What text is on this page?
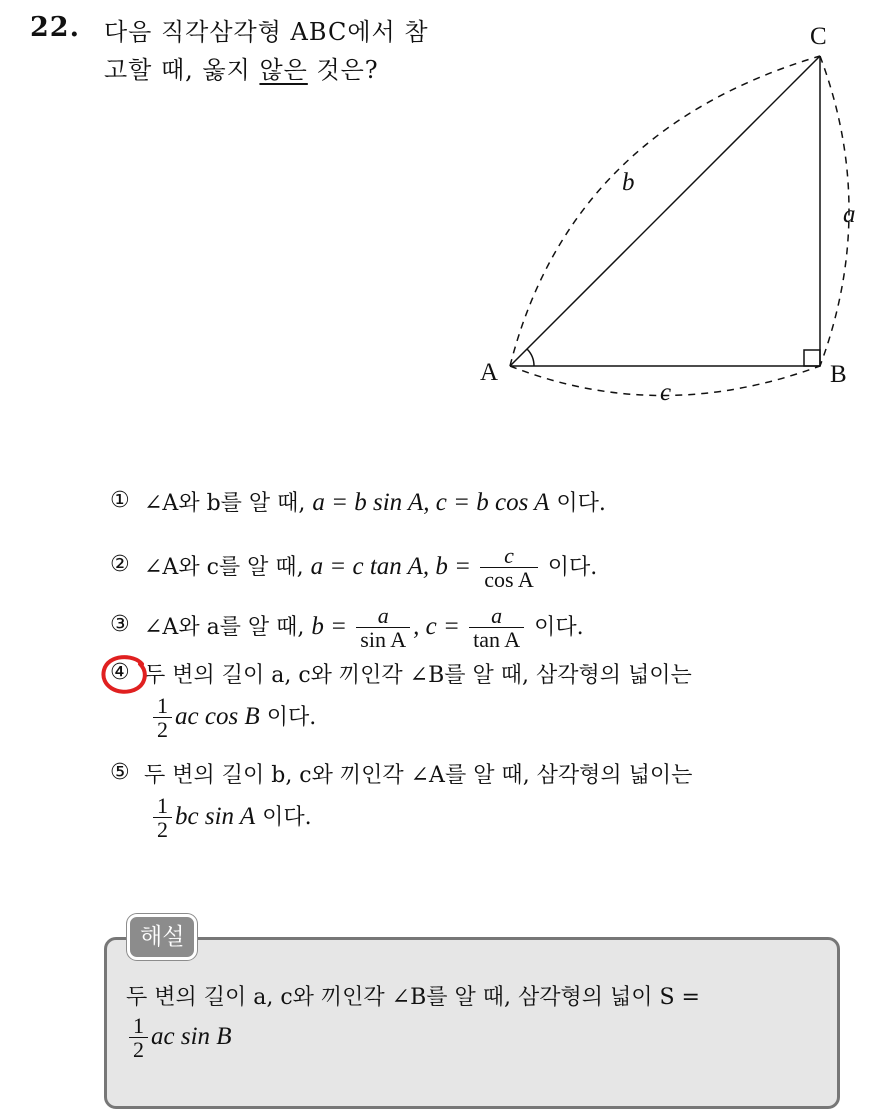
22. 다음 직각삼각형 ABC에서 참
고할 때, 옳지 않은 것은?
A	B
C
a
b
c
① ∠A와 b를 알 때, a = b sin A, c = b cos A 이다.
② ∠A와 c를 알 때, a = c tan A, $b = \frac{c}{\text{cos A}}$ 이다.
③ ∠A와 a를 알 때, $b = \frac{a}{\text{sin A}}$ , $c = \frac{a}{\text{tan A}}$ 이다.
④ 두 변의 길이 a, c와 끼인각 ∠B를 알 때, 삼각형의 넓이는
$\frac{1}{2}$ ac cos B 이다.
⑤ 두 변의 길이 b, c와 끼인각 ∠A를 알 때, 삼각형의 넓이는
$\frac{1}{2}$ bc sin A 이다.
해설
두 변의 길이 a, c와 끼인각 ∠B를 알 때, 삼각형의 넓이 S =
$\frac{1}{2}$ ac sin B
